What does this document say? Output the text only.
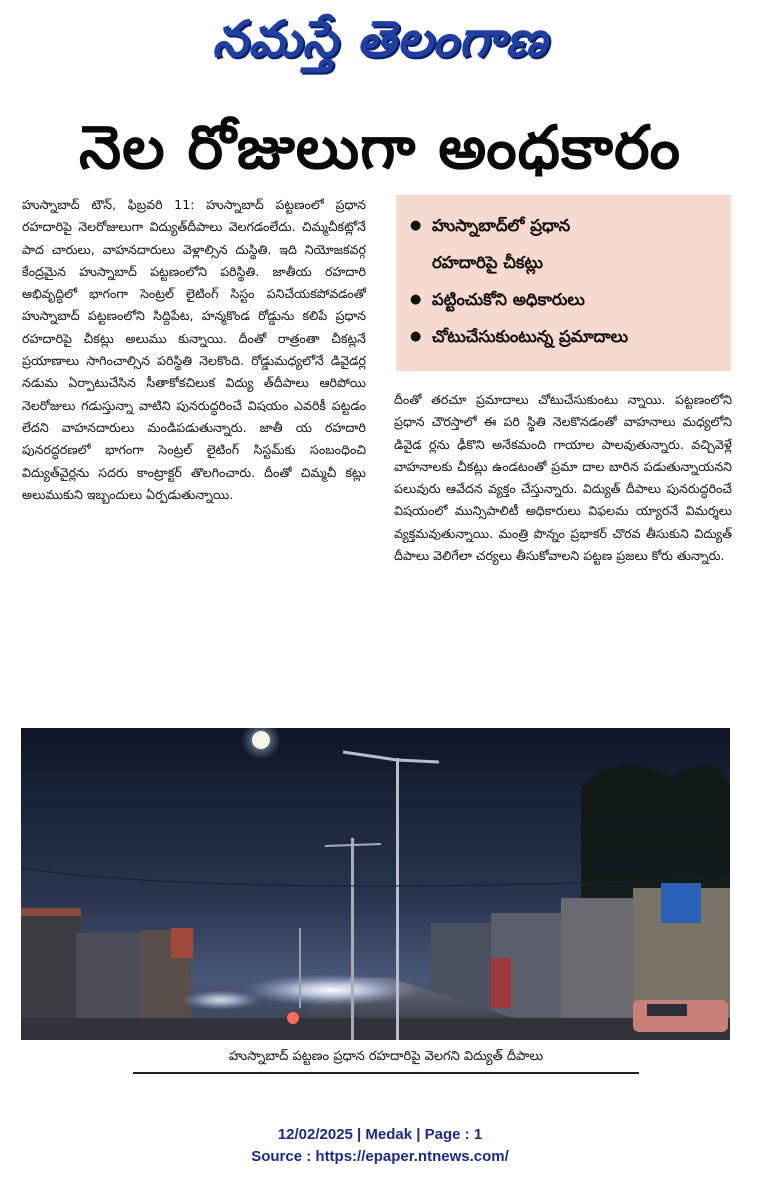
నమస్తే తెలంగాణ
నెల రోజులుగా అంధకారం

హుస్నాబాద్ టౌన్, ఫిబ్రవరి 11: హుస్నాబాద్ పట్టణంలో ప్రధాన రహదారిపై నెలరోజులుగా విద్యుత్‌దీపాలు వెలగడంలేదు. చిమ్మచీకట్లోనే పాద చారులు, వాహనదారులు వెళ్లాల్సిన దుస్థితి. ఇది నియోజకవర్గ కేంద్రమైన హుస్నాబాద్ పట్టణంలోని పరిస్థితి. జాతీయ రహదారి అభివృద్ధిలో భాగంగా సెంట్రల్ లైటింగ్ సిస్టం పనిచేయకపోవడంతో హుస్నాబాద్ పట్టణంలోని సిద్దిపేట, హన్మకొండ రోడ్డును కలిపే ప్రధాన రహదారిపై చీకట్లు అలుము కున్నాయి. దీంతో రాత్రంతా చీకట్లనే ప్రయాణాలు సాగించాల్సిన పరిస్థితి నెలకొంది. రోడ్డుమధ్యలోనే డివైడర్ల నడుమ ఏర్పాటుచేసిన సీతాకోకచిలుక విద్యు త్‌దీపాలు ఆరిపోయి నెలరోజులు గడుస్తున్నా వాటిని పునరుద్ధరించే విషయం ఎవరికీ పట్టడం లేదని వాహనదారులు మండిపడుతున్నారు. జాతీ య రహదారి పునరద్ధరణలో భాగంగా సెంట్రల్ లైటింగ్ సిస్టమ్‌కు సంబంధించి విద్యుత్‌వైర్లను సదరు కాంట్రాక్టర్ తొలగించారు. దీంతో చిమ్మచీ కట్లు అలుముకుని ఇబ్బందులు ఏర్పడుతున్నాయి.

● హుస్నాబాద్‌లో ప్రధాన
రహదారిపై చీకట్లు
● పట్టించుకోని అధికారులు
● చోటుచేసుకుంటున్న ప్రమాదాలు

దీంతో తరచూ ప్రమాదాలు చోటుచేసుకుంటు న్నాయి. పట్టణంలోని ప్రధాన చౌరస్తాలో ఈ పరి స్థితి నెలకొనడంతో వాహనాలు మధ్యలోని డివైడ ర్లను ఢీకొని అనేకమంది గాయాల పాలవుతున్నారు. వచ్చివెళ్లే వాహనాలకు చీకట్లు ఉండటంతో ప్రమా దాల బారిన పడుతున్నాయనని పలువురు ఆవేదన వ్యక్తం చేస్తున్నారు. విద్యుత్ దీపాలు పునరుద్ధరించే విషయంలో మున్సిపాలిటీ అధికారులు విఫలమ య్యారనే విమర్శలు వ్యక్తమవుతున్నాయి. మంత్రి పొన్నం ప్రభాకర్ చొరవ తీసుకుని విద్యుత్ దీపాలు వెలిగేలా చర్యలు తీసుకోవాలని పట్టణ ప్రజలు కోరు తున్నారు.

హుస్నాబాద్ పట్టణం ప్రధాన రహదారిపై వెలగని విద్యుత్ దీపాలు
12/02/2025 | Medak | Page : 1
Source : https://epaper.ntnews.com/
